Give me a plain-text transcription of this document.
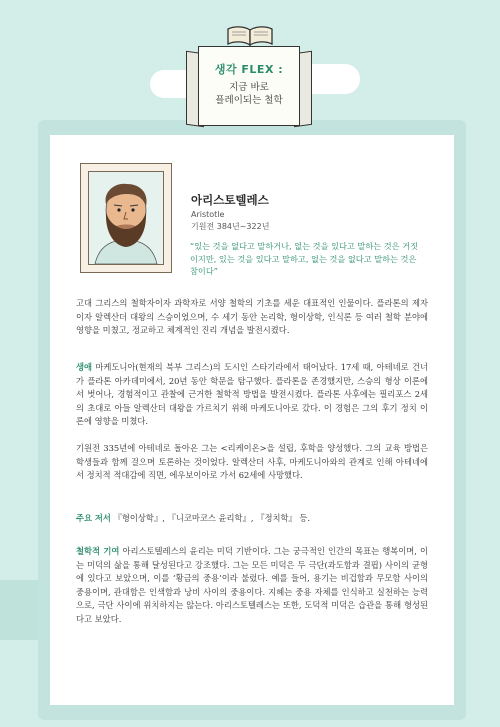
생각 FLEX :
지금 바로
플레이되는 철학
아리스토텔레스
Aristotle
기원전 384년~322년
“있는 것을 없다고 말하거나, 없는 것을 있다고 말하는 것은 거짓이지만, 있는 것을 있다고 말하고, 없는 것을 없다고 말하는 것은 참이다”
고대 그리스의 철학자이자 과학자로 서양 철학의 기초를 세운 대표적인 인물이다. 플라톤의 제자이자 알렉산더 대왕의 스승이었으며, 수 세기 동안 논리학, 형이상학, 인식론 등 여러 철학 분야에 영향을 미쳤고, 정교하고 체계적인 진리 개념을 발전시켰다.
생애 마케도니아(현재의 북부 그리스)의 도시인 스타기라에서 태어났다. 17세 때, 아테네로 건너가 플라톤 아카데미에서, 20년 동안 학문을 탐구했다. 플라톤을 존경했지만, 스승의 형상 이론에서 벗어나, 경험적이고 관찰에 근거한 철학적 방법을 발전시켰다. 플라톤 사후에는 필리포스 2세의 초대로 아들 알렉산더 대왕을 가르치기 위해 마케도니아로 갔다. 이 경험은 그의 후기 정치 이론에 영향을 미쳤다.
기원전 335년에 아테네로 돌아온 그는 <리케이온>을 설립, 후학을 양성했다. 그의 교육 방법은 학생들과 함께 걸으며 토론하는 것이었다. 알렉산더 사후, 마케도니아와의 관계로 인해 아테네에서 정치적 적대감에 직면, 에우보이아로 가서 62세에 사망했다.
주요 저서 『형이상학』, 『니코마코스 윤리학』, 『정치학』 등.
철학적 기여 아리스토텔레스의 윤리는 미덕 기반이다. 그는 궁극적인 인간의 목표는 행복이며, 이는 미덕의 삶을 통해 달성된다고 강조했다. 그는 모든 미덕은 두 극단(과도함과 결핍) 사이의 균형에 있다고 보았으며, 이를 ‘황금의 중용’이라 불렀다. 예를 들어, 용기는 비겁함과 무모함 사이의 중용이며, 관대함은 인색함과 낭비 사이의 중용이다. 지혜는 중용 자체를 인식하고 실천하는 능력으로, 극단 사이에 위치하지는 않는다. 아리스토텔레스는 또한, 도덕적 미덕은 습관을 통해 형성된다고 보았다.
